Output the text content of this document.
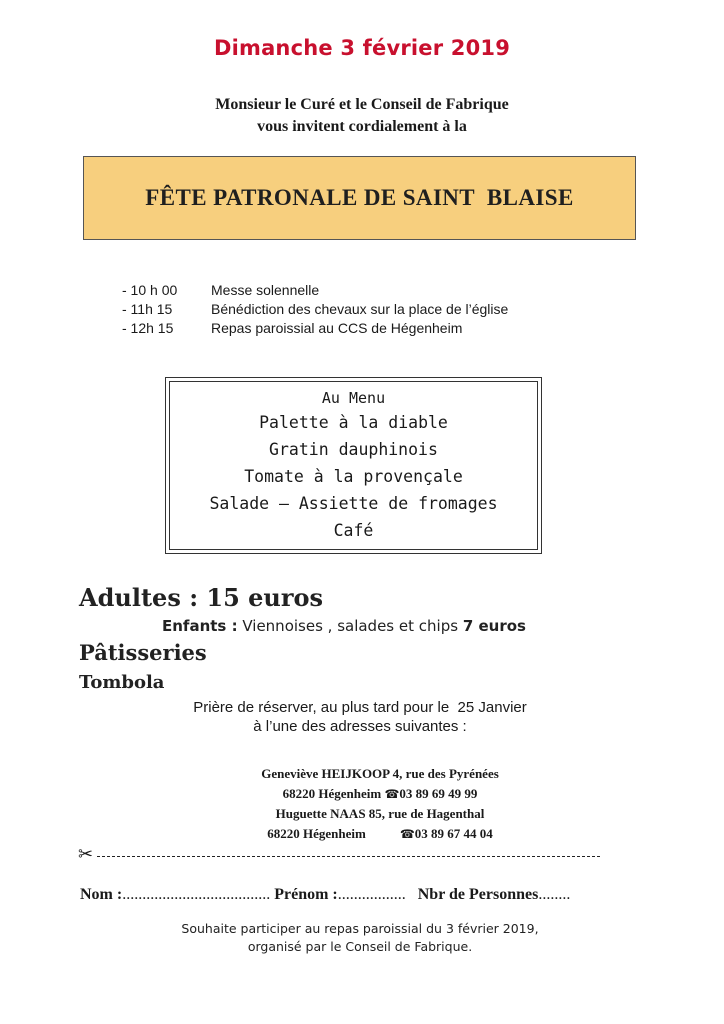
Dimanche 3 février 2019
Monsieur le Curé et le Conseil de Fabrique
vous invitent cordialement à la
FÊTE PATRONALE DE SAINT  BLAISE
- 10 h 00	Messe solennelle
- 11h 15	Bénédiction des chevaux sur la place de l’église
- 12h 15	Repas paroissial au CCS de Hégenheim
Au Menu
Palette à la diable
Gratin dauphinois
Tomate à la provençale
Salade – Assiette de fromages
Café
Adultes : 15 euros
Enfants : Viennoises , salades et chips 7 euros
Pâtisseries
Tombola
Prière de réserver, au plus tard pour le  25 Janvier
à l’une des adresses suivantes :
Geneviève HEIJKOOP 4, rue des Pyrénées
68220 Hégenheim ☎03 89 69 49 99
Huguette NAAS 85, rue de Hagenthal
68220 Hégenheim	☎03 89 67 44 04
✂
Nom :..................................... Prénom :.................   Nbr de Personnes........
Souhaite participer au repas paroissial du 3 février 2019,
organisé par le Conseil de Fabrique.
